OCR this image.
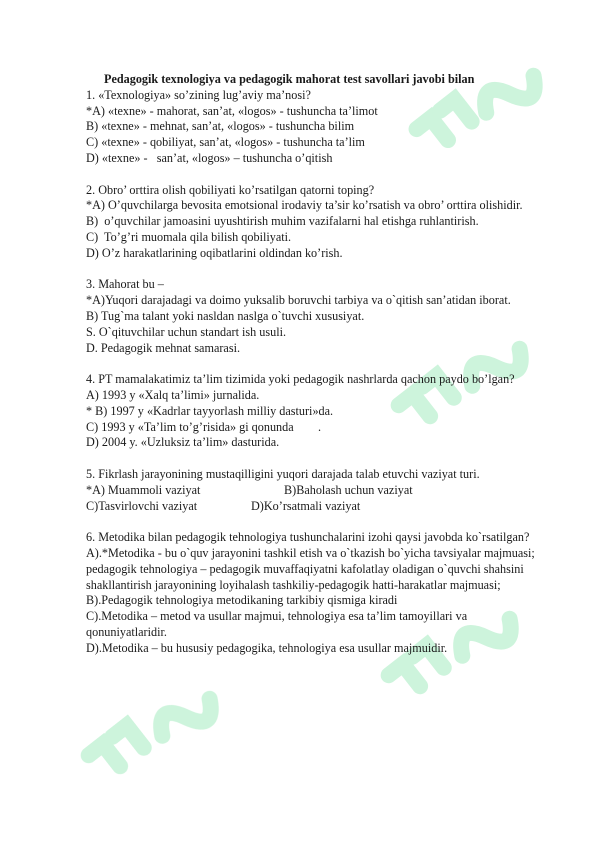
Pedagogik texnologiya va pedagogik mahorat test savollari javobi bilan
1. «Texnologiya» so’zining lug’aviy ma’nosi?
*A) «texne» - mahorat, san’at, «logos» - tushuncha ta’limot
B) «texne» - mehnat, san’at, «logos» - tushuncha bilim
C) «texne» - qobiliyat, san’at, «logos» - tushuncha ta’lim
D) «texne» -   san’at, «logos» – tushuncha o’qitish
2. Obro’ orttira olish qobiliyati ko’rsatilgan qatorni toping?
*A) O’quvchilarga bevosita emotsional irodaviy ta’sir ko’rsatish va obro’ orttira olishidir.
B)  o’quvchilar jamoasini uyushtirish muhim vazifalarni hal etishga ruhlantirish.
C)  To’g’ri muomala qila bilish qobiliyati.
D) O’z harakatlarining oqibatlarini oldindan ko’rish.
3. Mahorat bu –
*A)Yuqori darajadagi va doimo yuksalib boruvchi tarbiya va o`qitish san’atidan iborat.
B) Tug`ma talant yoki nasldan naslga o`tuvchi xususiyat.
S. O`qituvchilar uchun standart ish usuli.
D. Pedagogik mehnat samarasi.
4. PT mamalakatimiz ta’lim tizimida yoki pedagogik nashrlarda qachon paydo bo’lgan?
A) 1993 y «Xalq ta’limi» jurnalida.
* B) 1997 y «Kadrlar tayyorlash milliy dasturi»da.
C) 1993 y «Ta’lim to’g’risida» gi qonunda        .
D) 2004 y. «Uzluksiz ta’lim» dasturida.
5. Fikrlash jarayonining mustaqilligini yuqori darajada talab etuvchi vaziyat turi.
*A) Muammoli vaziyat	B)Baholash uchun vaziyat
C)Tasvirlovchi vaziyat	D)Ko’rsatmali vaziyat
6. Metodika bilan pedagogik tehnologiya tushunchalarini izohi qaysi javobda ko`rsatilgan?
A).*Metodika - bu o`quv jarayonini tashkil etish va o`tkazish bo`yicha tavsiyalar majmuasi;
pedagogik tehnologiya – pedagogik muvaffaqiyatni kafolatlay oladigan o`quvchi shahsini shakllantirish jarayonining loyihalash tashkiliy-pedagogik hatti-harakatlar majmuasi;
B).Pedagogik tehnologiya metodikaning tarkibiy qismiga kiradi
C).Metodika – metod va usullar majmui, tehnologiya esa ta’lim tamoyillari va qonuniyatlaridir.
D).Metodika – bu hususiy pedagogika, tehnologiya esa usullar majmuidir.
